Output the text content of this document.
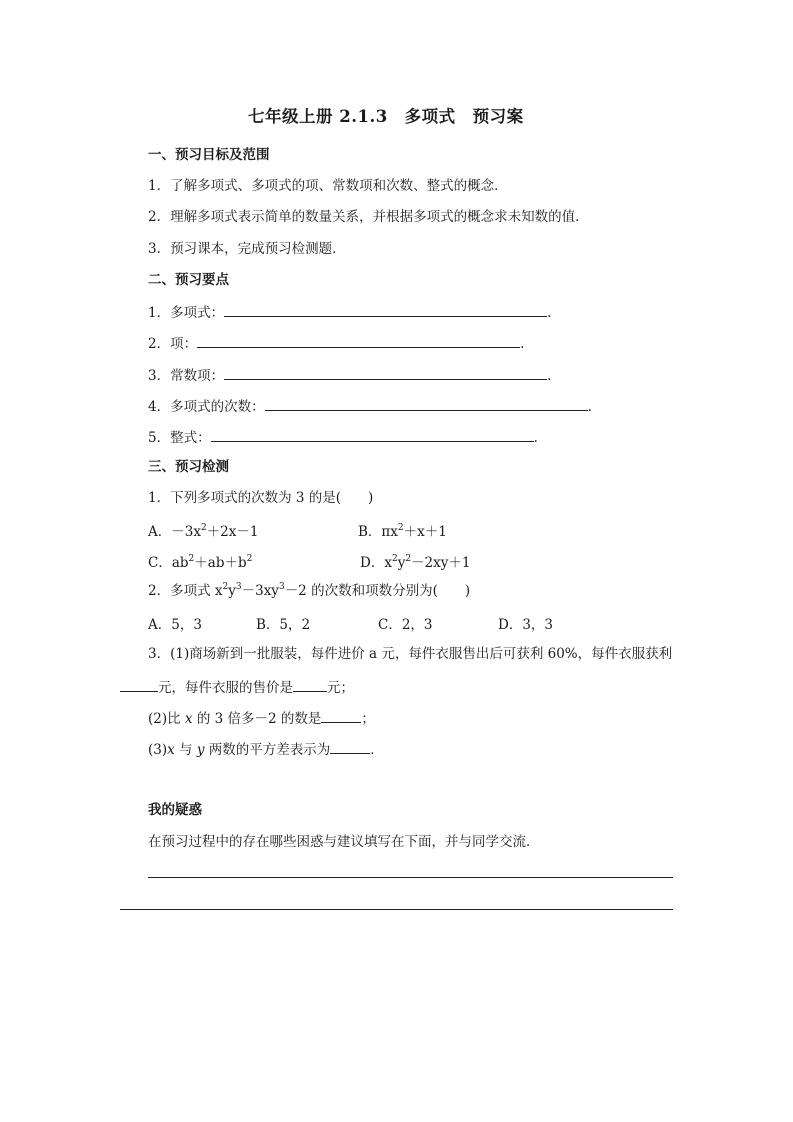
七年级上册 2.1.3　多项式　预习案
一、预习目标及范围
1．了解多项式、多项式的项、常数项和次数、整式的概念．
2．理解多项式表示简单的数量关系，并根据多项式的概念求未知数的值．
3．预习课本，完成预习检测题．
二、预习要点
1．多项式：	.
2．项：	.
3．常数项：	.
4．多项式的次数：	.
5．整式：	.
三、预习检测
1．下列多项式的次数为 3 的是(　　)
A．$-3x^2+2x-1$	B．$\pi x^2+x+1$
C．$ab^2+ab+b^2$	D．$x^2y^2-2xy+1$
2．多项式 $x^2y^3-3xy^3-2$ 的次数和项数分别为(　　)
A．5，3	B．5，2	C．2，3	D．3，3
3．(1)商场新到一批服装，每件进价 a 元，每件衣服售出后可获利 60%，每件衣服获利
元，每件衣服的售价是	元；
(2)比 x 的 3 倍多－2 的数是	；
(3)x 与 y 两数的平方差表示为	．
我的疑惑
在预习过程中的存在哪些困惑与建议填写在下面，并与同学交流．
